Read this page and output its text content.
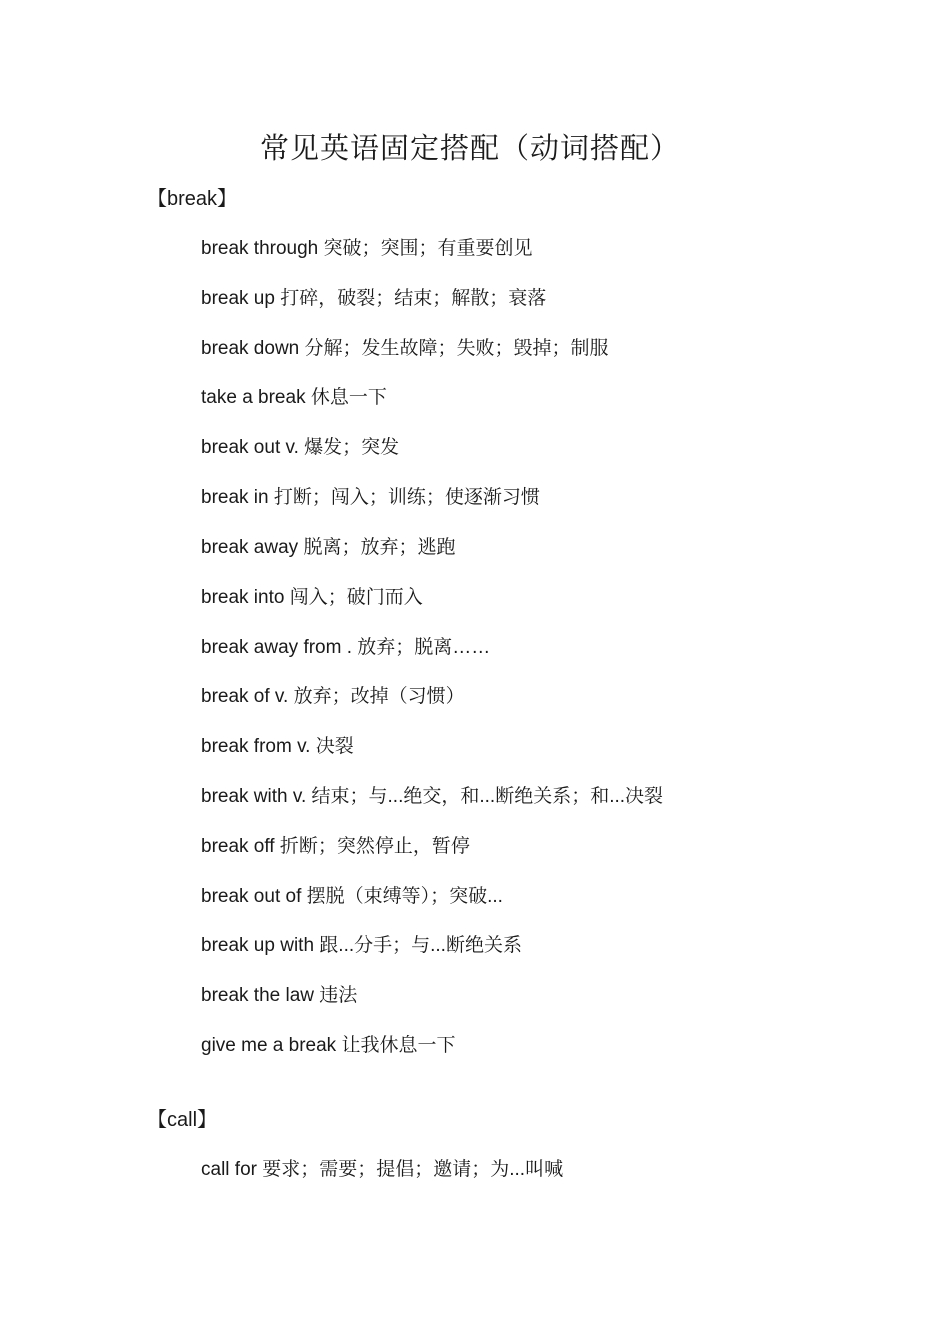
常见英语固定搭配（动词搭配）
【break】

break through 突破；突围；有重要创见

break up 打碎，破裂；结束；解散；衰落

break down 分解；发生故障；失败；毁掉；制服

take a break 休息一下

break out v. 爆发；突发

break in 打断；闯入；训练；使逐渐习惯

break away 脱离；放弃；逃跑

break into 闯入；破门而入

break away from . 放弃；脱离……

break of v. 放弃；改掉（习惯）

break from v. 决裂

break with v. 结束；与...绝交，和...断绝关系；和...决裂

break off 折断；突然停止，暂停

break out of 摆脱（束缚等）；突破...

break up with 跟...分手；与...断绝关系

break the law 违法

give me a break 让我休息一下

【call】

call for 要求；需要；提倡；邀请；为...叫喊
